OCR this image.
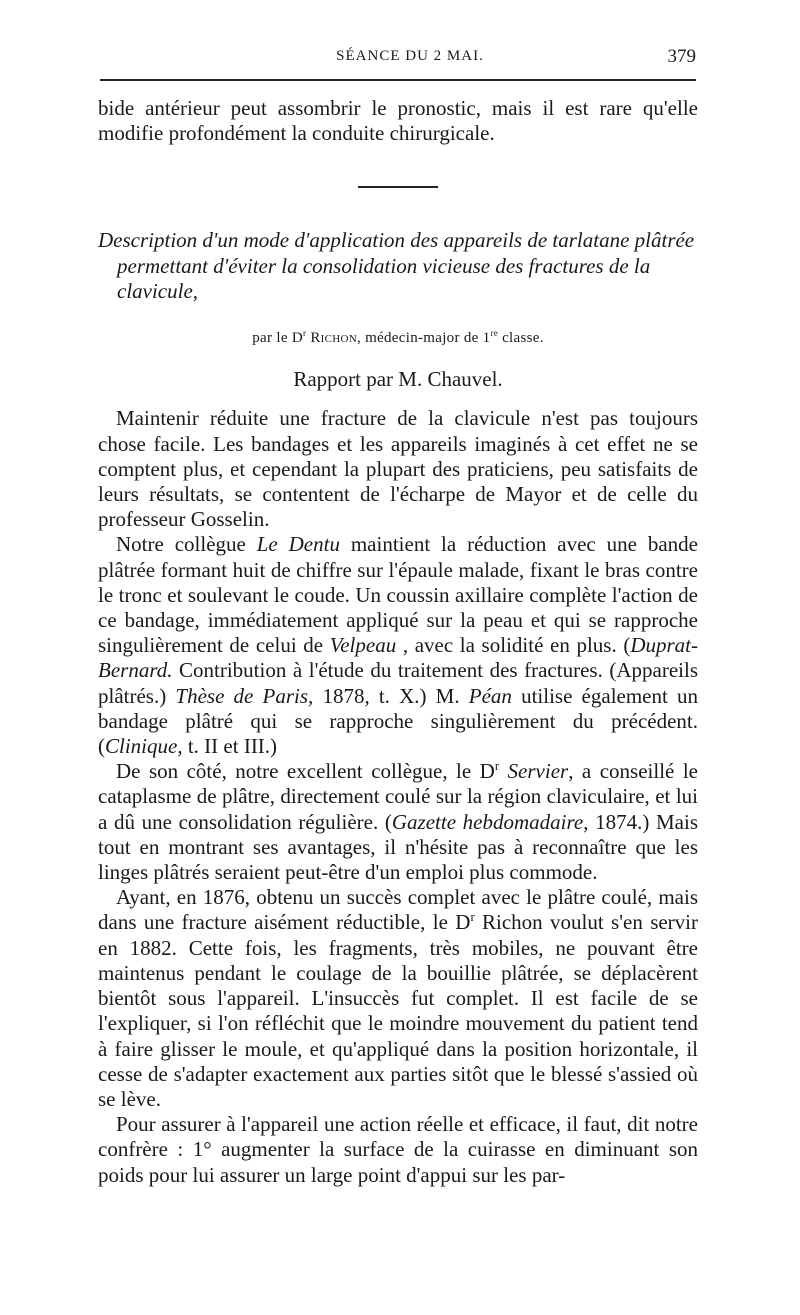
SÉANCE DU 2 MAI.	379

bide antérieur peut assombrir le pronostic, mais il est rare qu'elle modifie profondément la conduite chirurgicale.

Description d'un mode d'application des appareils de tarlatane plâtrée permettant d'éviter la consolidation vicieuse des fractures de la clavicule,

par le $D^r$ Richon, médecin-major de 1re classe.

Rapport par M. Chauvel.

Maintenir réduite une fracture de la clavicule n'est pas toujours chose facile. Les bandages et les appareils imaginés à cet effet ne se comptent plus, et cependant la plupart des praticiens, peu satisfaits de leurs résultats, se contentent de l'écharpe de Mayor et de celle du professeur Gosselin.

Notre collègue Le Dentu maintient la réduction avec une bande plâtrée formant huit de chiffre sur l'épaule malade, fixant le bras contre le tronc et soulevant le coude. Un coussin axillaire complète l'action de ce bandage, immédiatement appliqué sur la peau et qui se rapproche singulièrement de celui de Velpeau , avec la solidité en plus. (Duprat-Bernard. Contribution à l'étude du traitement des fractures. (Appareils plâtrés.) Thèse de Paris, 1878, t. X.) M. Péan utilise également un bandage plâtré qui se rapproche singulièrement du précédent. (Clinique, t. II et III.)

De son côté, notre excellent collègue, le $D^r$ Servier, a conseillé le cataplasme de plâtre, directement coulé sur la région claviculaire, et lui a dû une consolidation régulière. (Gazette hebdomadaire, 1874.) Mais tout en montrant ses avantages, il n'hésite pas à reconnaître que les linges plâtrés seraient peut-être d'un emploi plus commode.

Ayant, en 1876, obtenu un succès complet avec le plâtre coulé, mais dans une fracture aisément réductible, le $D^r$ Richon voulut s'en servir en 1882. Cette fois, les fragments, très mobiles, ne pouvant être maintenus pendant le coulage de la bouillie plâtrée, se déplacèrent bientôt sous l'appareil. L'insuccès fut complet. Il est facile de se l'expliquer, si l'on réfléchit que le moindre mouvement du patient tend à faire glisser le moule, et qu'appliqué dans la position horizontale, il cesse de s'adapter exactement aux parties sitôt que le blessé s'assied où se lève.

Pour assurer à l'appareil une action réelle et efficace, il faut, dit notre confrère : 1° augmenter la surface de la cuirasse en diminuant son poids pour lui assurer un large point d'appui sur les par-
